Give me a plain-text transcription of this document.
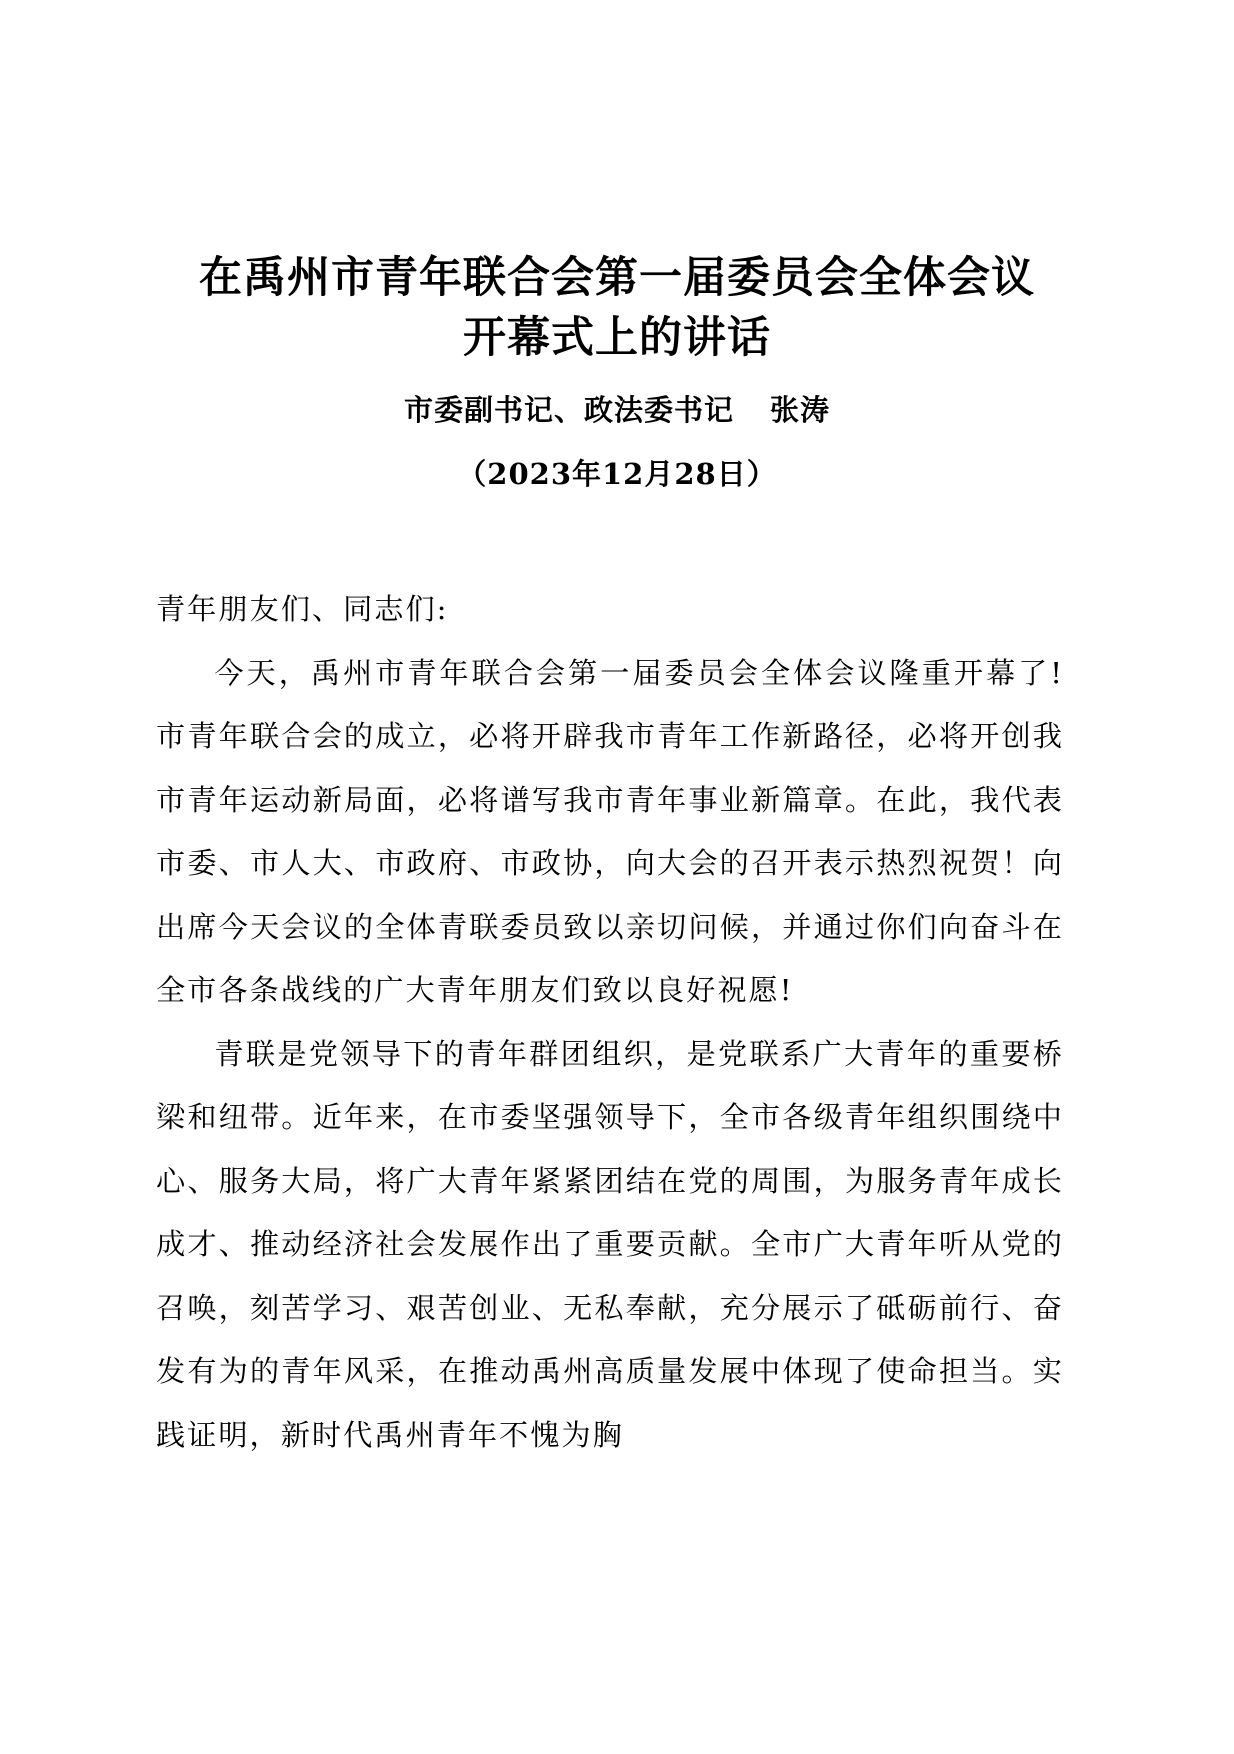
在禹州市青年联合会第一届委员会全体会议
开幕式上的讲话
市委副书记、政法委书记 张涛
（2023年12月28日）

青年朋友们、同志们:

今天，禹州市青年联合会第一届委员会全体会议隆重开幕了!市青年联合会的成立，必将开辟我市青年工作新路径，必将开创我市青年运动新局面，必将谱写我市青年事业新篇章。在此，我代表市委、市人大、市政府、市政协，向大会的召开表示热烈祝贺！向出席今天会议的全体青联委员致以亲切问候，并通过你们向奋斗在全市各条战线的广大青年朋友们致以良好祝愿!

青联是党领导下的青年群团组织，是党联系广大青年的重要桥梁和纽带。近年来，在市委坚强领导下，全市各级青年组织围绕中心、服务大局，将广大青年紧紧团结在党的周围，为服务青年成长成才、推动经济社会发展作出了重要贡献。全市广大青年听从党的召唤，刻苦学习、艰苦创业、无私奉献，充分展示了砥砺前行、奋发有为的青年风采，在推动禹州高质量发展中体现了使命担当。实践证明，新时代禹州青年不愧为胸
